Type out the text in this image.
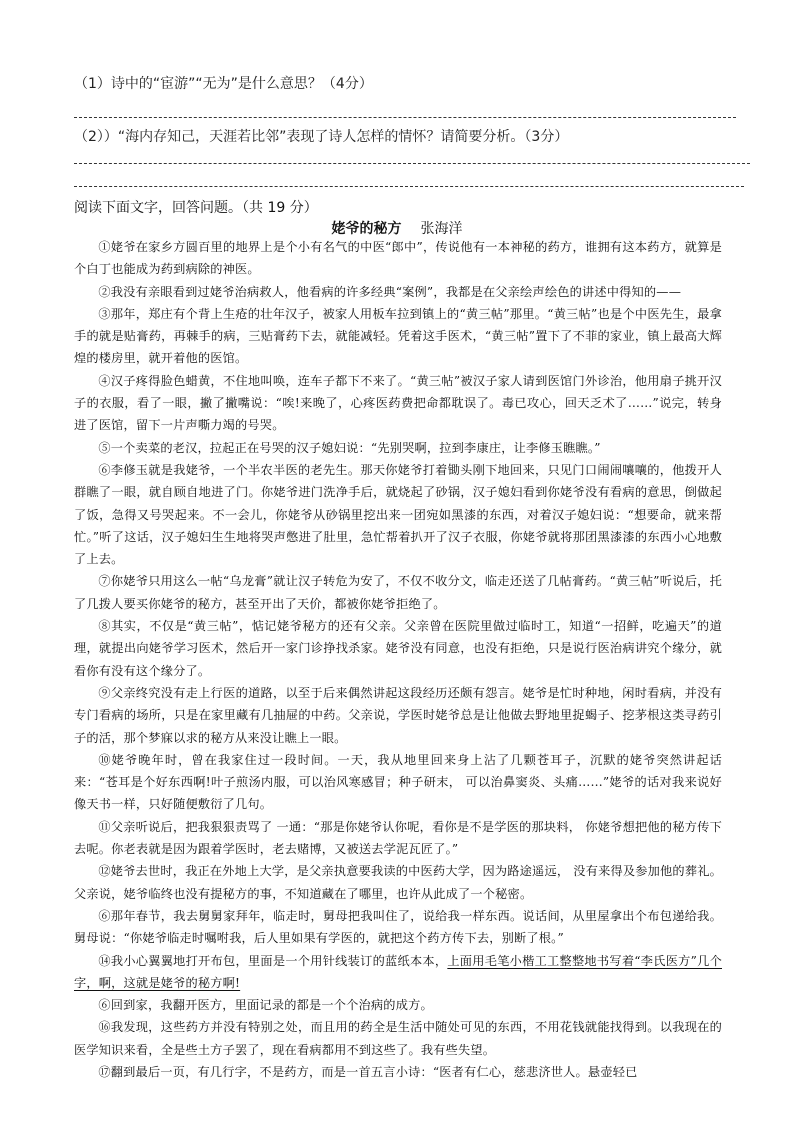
（1）诗中的“宦游”“无为”是什么意思？（4分）
（2））“海内存知己，天涯若比邻”表现了诗人怎样的情怀？请简要分析。（3分）
阅读下面文字，回答问题。（共 19 分）
姥爷的秘方 张海洋

①姥爷在家乡方圆百里的地界上是个小有名气的中医“郎中”，传说他有一本神秘的药方，谁拥有这本药方，就算是个白丁也能成为药到病除的神医。

②我没有亲眼看到过姥爷治病救人，他看病的许多经典“案例”，我都是在父亲绘声绘色的讲述中得知的——

③那年，郑庄有个背上生疮的壮年汉子，被家人用板车拉到镇上的“黄三帖”那里。“黄三帖”也是个中医先生，最拿手的就是贴膏药，再棘手的病，三贴膏药下去，就能减轻。凭着这手医术，“黄三帖”置下了不菲的家业，镇上最高大辉煌的楼房里，就开着他的医馆。

④汉子疼得脸色蜡黄，不住地叫唤，连车子都下不来了。“黄三帖”被汉子家人请到医馆门外诊治，他用扇子挑开汉子的衣服，看了一眼，撇了撇嘴说：“唉!来晚了，心疼医药费把命都耽误了。毒已攻心，回天乏术了……”说完，转身进了医馆，留下一片声嘶力竭的号哭。

⑤一个卖菜的老汉，拉起正在号哭的汉子媳妇说：“先别哭啊，拉到李康庄，让李修玉瞧瞧。”

⑥李修玉就是我姥爷，一个半农半医的老先生。那天你姥爷打着锄头刚下地回来，只见门口闹闹嚷嚷的，他拨开人群瞧了一眼，就自顾自地进了门。你姥爷进门洗净手后，就烧起了砂锅，汉子媳妇看到你姥爷没有看病的意思，倒做起了饭，急得又号哭起来。不一会儿，你姥爷从砂锅里挖出来一团宛如黑漆的东西，对着汉子媳妇说：“想要命，就来帮忙。”听了这话，汉子媳妇生生地将哭声憋进了肚里，急忙帮着扒开了汉子衣服，你姥爷就将那团黑漆漆的东西小心地敷了上去。

⑦你姥爷只用这么一帖“乌龙膏”就让汉子转危为安了，不仅不收分文，临走还送了几帖膏药。“黄三帖”听说后，托了几拨人要买你姥爷的秘方，甚至开出了天价，都被你姥爷拒绝了。

⑧其实，不仅是“黄三帖”，惦记姥爷秘方的还有父亲。父亲曾在医院里做过临时工，知道“一招鲜，吃遍天”的道理，就提出向姥爷学习医术，然后开一家门诊挣找杀家。姥爷没有同意，也没有拒绝，只是说行医治病讲究个缘分，就看你有没有这个缘分了。

⑨父亲终究没有走上行医的道路，以至于后来偶然讲起这段经历还颇有怨言。姥爷是忙时种地，闲时看病，并没有专门看病的场所，只是在家里藏有几抽屉的中药。父亲说，学医时姥爷总是让他做去野地里捉蝎子、挖茅根这类寻药引子的活，那个梦寐以求的秘方从来没让瞧上一眼。

⑩姥爷晚年时，曾在我家住过一段时间。一天，我从地里回来身上沾了几颗苍耳子，沉默的姥爷突然讲起话来：“苍耳是个好东西啊!叶子煎汤内服，可以治风寒感冒；种子研末， 可以治鼻窦炎、头痛……”姥爷的话对我来说好像天书一样，只好随便敷衍了几句。

⑪父亲听说后，把我狠狠责骂了 一通：“那是你姥爷认你呢，看你是不是学医的那块料， 你姥爷想把他的秘方传下去呢。你老表就是因为跟着学医时，老去赌博，又被送去学泥瓦匠了。”

⑫姥爷去世时，我正在外地上大学，是父亲执意要我读的中医药大学，因为路途遥远， 没有来得及参加他的葬礼。父亲说，姥爷临终也没有提秘方的事，不知道藏在了哪里，也许从此成了一个秘密。

⑥那年春节，我去舅舅家拜年，临走时，舅母把我叫住了，说给我一样东西。说话间，从里屋拿出个布包递给我。舅母说：“你姥爷临走时嘱咐我，后人里如果有学医的，就把这个药方传下去，别断了根。”

⑭我小心翼翼地打开布包，里面是一个用针线装订的蓝纸本本，上面用毛笔小楷工工整整地书写着“李氏医方”几个字，啊，这就是姥爷的秘方啊!

⑥回到家，我翻开医方，里面记录的都是一个个治病的成方。

⑯我发现，这些药方并没有特别之处，而且用的药全是生活中随处可见的东西，不用花钱就能找得到。以我现在的医学知识来看，全是些土方子罢了，现在看病都用不到这些了。我有些失望。

⑰翻到最后一页，有几行字，不是药方，而是一首五言小诗：“医者有仁心，慈悲济世人。悬壶轻已
